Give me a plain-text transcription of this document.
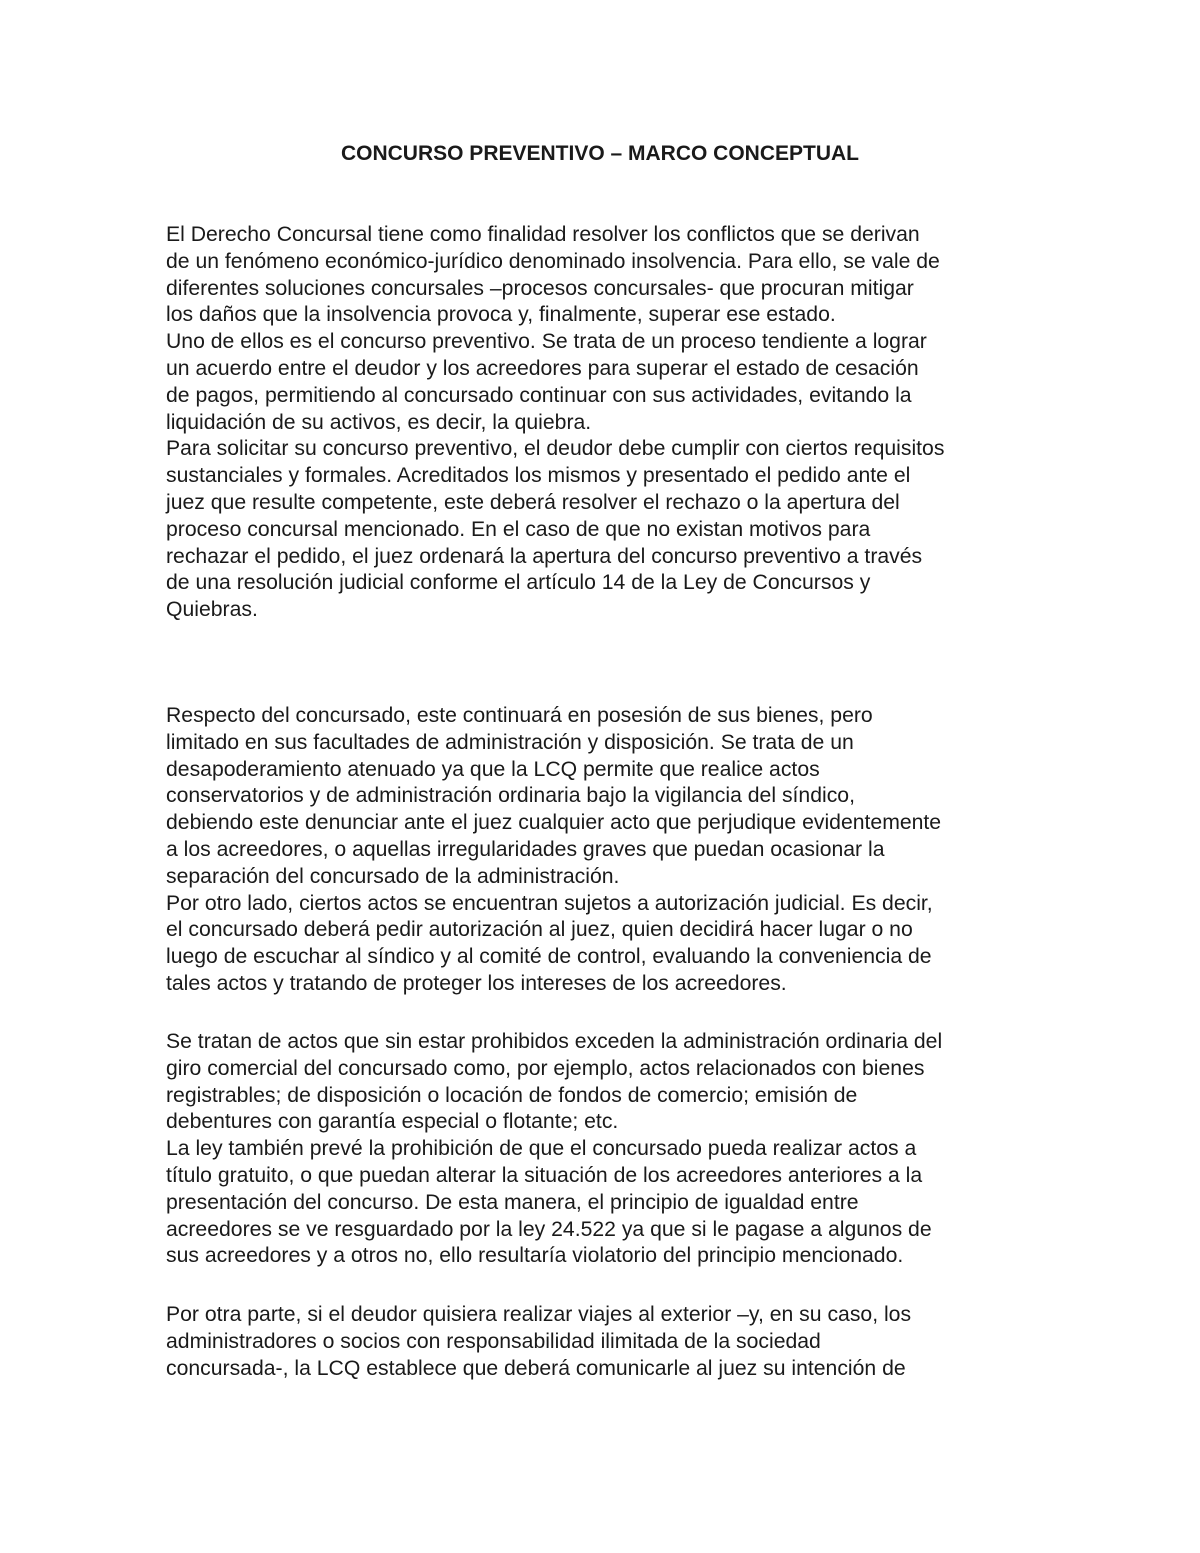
CONCURSO PREVENTIVO – MARCO CONCEPTUAL
El Derecho Concursal tiene como finalidad resolver los conflictos que se derivan
de un fenómeno económico-jurídico denominado insolvencia. Para ello, se vale de
diferentes soluciones concursales –procesos concursales- que procuran mitigar
los daños que la insolvencia provoca y, finalmente, superar ese estado.
Uno de ellos es el concurso preventivo. Se trata de un proceso tendiente a lograr
un acuerdo entre el deudor y los acreedores para superar el estado de cesación
de pagos, permitiendo al concursado continuar con sus actividades, evitando la
liquidación de su activos, es decir, la quiebra.
Para solicitar su concurso preventivo, el deudor debe cumplir con ciertos requisitos
sustanciales y formales. Acreditados los mismos y presentado el pedido ante el
juez que resulte competente, este deberá resolver el rechazo o la apertura del
proceso concursal mencionado. En el caso de que no existan motivos para
rechazar el pedido, el juez ordenará la apertura del concurso preventivo a través
de una resolución judicial conforme el artículo 14 de la Ley de Concursos y
Quiebras.
Respecto del concursado, este continuará en posesión de sus bienes, pero
limitado en sus facultades de administración y disposición. Se trata de un
desapoderamiento atenuado ya que la LCQ permite que realice actos
conservatorios y de administración ordinaria bajo la vigilancia del síndico,
debiendo este denunciar ante el juez cualquier acto que perjudique evidentemente
a los acreedores, o aquellas irregularidades graves que puedan ocasionar la
separación del concursado de la administración.
Por otro lado, ciertos actos se encuentran sujetos a autorización judicial. Es decir,
el concursado deberá pedir autorización al juez, quien decidirá hacer lugar o no
luego de escuchar al síndico y al comité de control, evaluando la conveniencia de
tales actos y tratando de proteger los intereses de los acreedores.
Se tratan de actos que sin estar prohibidos exceden la administración ordinaria del
giro comercial del concursado como, por ejemplo, actos relacionados con bienes
registrables; de disposición o locación de fondos de comercio; emisión de
debentures con garantía especial o flotante; etc.
La ley también prevé la prohibición de que el concursado pueda realizar actos a
título gratuito, o que puedan alterar la situación de los acreedores anteriores a la
presentación del concurso. De esta manera, el principio de igualdad entre
acreedores se ve resguardado por la ley 24.522 ya que si le pagase a algunos de
sus acreedores y a otros no, ello resultaría violatorio del principio mencionado.
Por otra parte, si el deudor quisiera realizar viajes al exterior –y, en su caso, los
administradores o socios con responsabilidad ilimitada de la sociedad
concursada-, la LCQ establece que deberá comunicarle al juez su intención de
